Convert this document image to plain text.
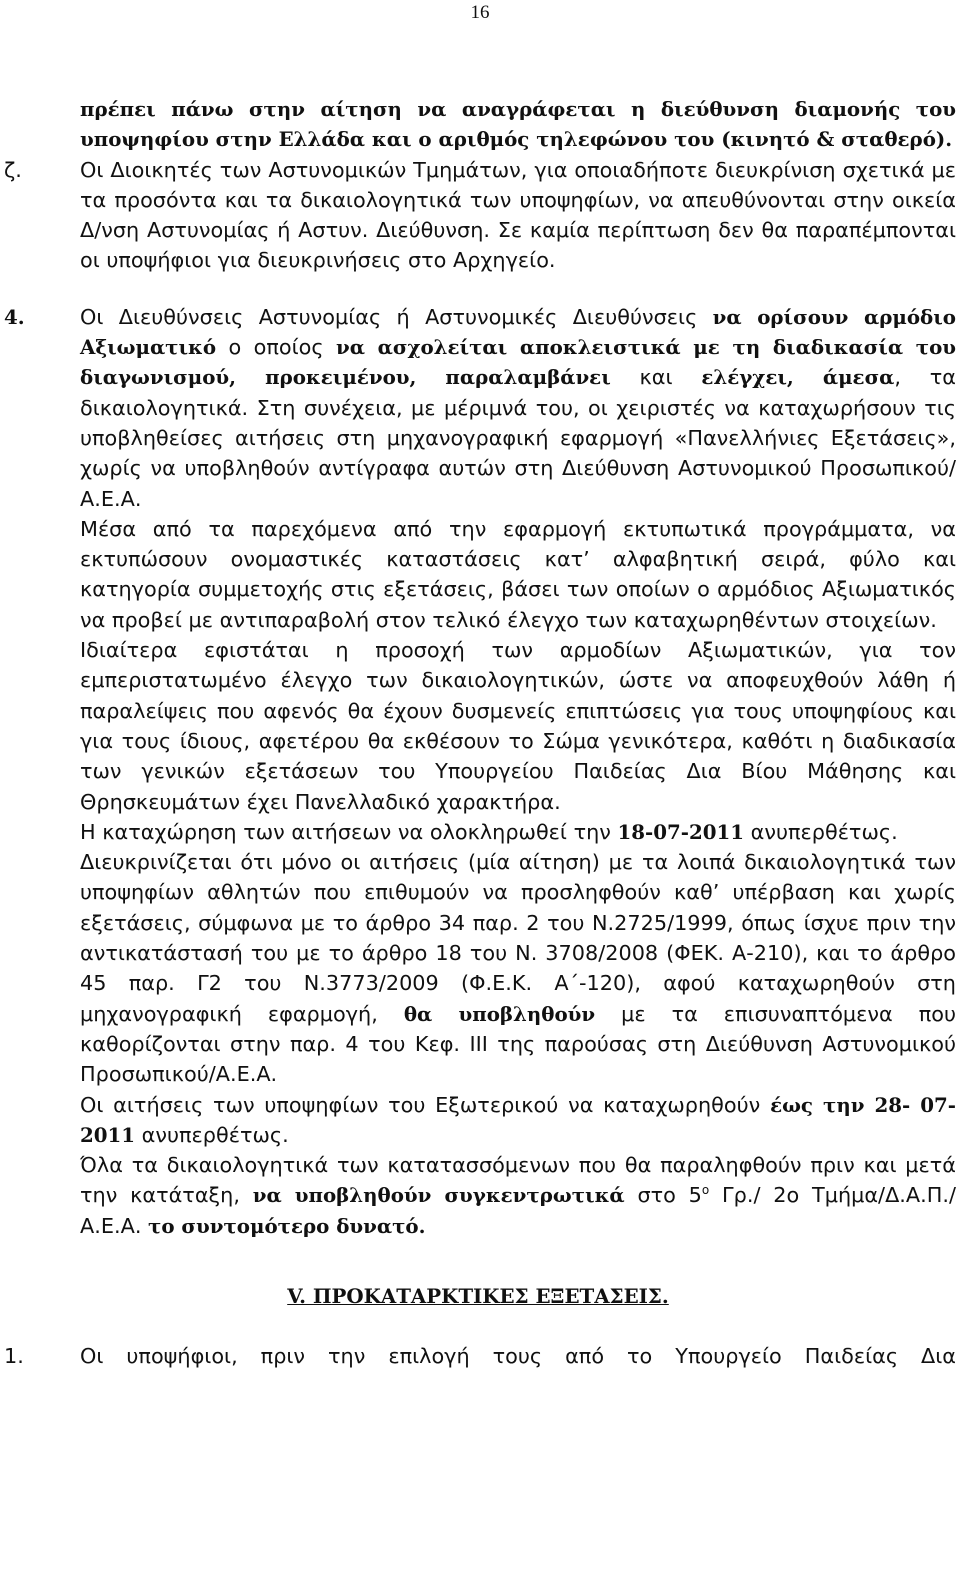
16

πρέπει πάνω στην αίτηση να αναγράφεται η διεύθυνση διαμονής του υποψηφίου στην Ελλάδα και ο αριθμός τηλεφώνου του (κινητό & σταθερό).

ζ.	Οι Διοικητές των Αστυνομικών Τμημάτων, για οποιαδήποτε διευκρίνιση σχετικά με τα προσόντα και τα δικαιολογητικά των υποψηφίων, να απευθύνονται στην οικεία Δ/νση Αστυνομίας ή Αστυν. Διεύθυνση. Σε καμία περίπτωση δεν θα παραπέμπονται οι υποψήφιοι για διευκρινήσεις στο Αρχηγείο.

4.	Οι Διευθύνσεις Αστυνομίας ή Αστυνομικές Διευθύνσεις να ορίσουν αρμόδιο Αξιωματικό ο οποίος να ασχολείται αποκλειστικά με τη διαδικασία του διαγωνισμού, προκειμένου, παραλαμβάνει και ελέγχει, άμεσα, τα δικαιολογητικά. Στη συνέχεια, με μέριμνά του, οι χειριστές να καταχωρήσουν τις υποβληθείσες αιτήσεις στη μηχανογραφική εφαρμογή «Πανελλήνιες Εξετάσεις», χωρίς να υποβληθούν αντίγραφα αυτών στη Διεύθυνση Αστυνομικού Προσωπικού/Α.Ε.Α.

Μέσα από τα παρεχόμενα από την εφαρμογή εκτυπωτικά προγράμματα, να εκτυπώσουν ονομαστικές καταστάσεις κατ’ αλφαβητική σειρά, φύλο και κατηγορία συμμετοχής στις εξετάσεις, βάσει των οποίων ο αρμόδιος Αξιωματικός να προβεί με αντιπαραβολή στον τελικό έλεγχο των καταχωρηθέντων στοιχείων.

Ιδιαίτερα εφιστάται η προσοχή των αρμοδίων Αξιωματικών, για τον εμπεριστατωμένο έλεγχο των δικαιολογητικών, ώστε να αποφευχθούν λάθη ή παραλείψεις που αφενός θα έχουν δυσμενείς επιπτώσεις για τους υποψηφίους και για τους ίδιους, αφετέρου θα εκθέσουν το Σώμα γενικότερα, καθότι η διαδικασία των γενικών εξετάσεων του Υπουργείου Παιδείας Δια Βίου Μάθησης και Θρησκευμάτων έχει Πανελλαδικό χαρακτήρα.

Η καταχώρηση των αιτήσεων να ολοκληρωθεί την 18-07-2011 ανυπερθέτως.

Διευκρινίζεται ότι μόνο οι αιτήσεις (μία αίτηση) με τα λοιπά δικαιολογητικά των υποψηφίων αθλητών που επιθυμούν να προσληφθούν καθ’ υπέρβαση και χωρίς εξετάσεις, σύμφωνα με το άρθρο 34 παρ. 2 του Ν.2725/1999, όπως ίσχυε πριν την αντικατάστασή του με το άρθρο 18 του Ν. 3708/2008 (ΦΕΚ. Α-210), και το άρθρο 45 παρ. Γ2 του Ν.3773/2009 (Φ.Ε.Κ. Α΄-120), αφού καταχωρηθούν στη μηχανογραφική εφαρμογή, θα υποβληθούν με τα επισυναπτόμενα που καθορίζονται στην παρ. 4 του Κεφ. ΙΙΙ της παρούσας στη Διεύθυνση Αστυνομικού Προσωπικού/Α.Ε.Α.

Οι αιτήσεις των υποψηφίων του Εξωτερικού να καταχωρηθούν έως την 28- 07-2011 ανυπερθέτως.

Όλα τα δικαιολογητικά των κατατασσόμενων που θα παραληφθούν πριν και μετά την κατάταξη, να υποβληθούν συγκεντρωτικά στο $5^o$ Γρ./ 2ο Τμήμα/Δ.Α.Π./Α.Ε.Α. το συντομότερο δυνατό.

V. ΠΡΟΚΑΤΑΡΚΤΙΚΕΣ ΕΞΕΤΑΣΕΙΣ.

1.	Οι υποψήφιοι, πριν την επιλογή τους από το Υπουργείο Παιδείας Δια
